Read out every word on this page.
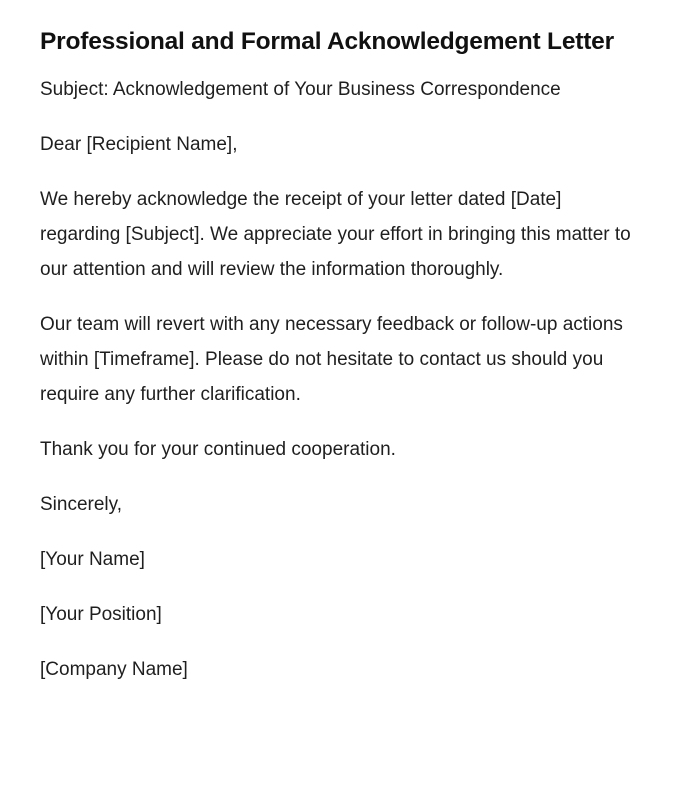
Professional and Formal Acknowledgement Letter

Subject: Acknowledgement of Your Business Correspondence

Dear [Recipient Name],

We hereby acknowledge the receipt of your letter dated [Date] regarding [Subject]. We appreciate your effort in bringing this matter to our attention and will review the information thoroughly.

Our team will revert with any necessary feedback or follow-up actions within [Timeframe]. Please do not hesitate to contact us should you require any further clarification.

Thank you for your continued cooperation.

Sincerely,

[Your Name]

[Your Position]

[Company Name]
